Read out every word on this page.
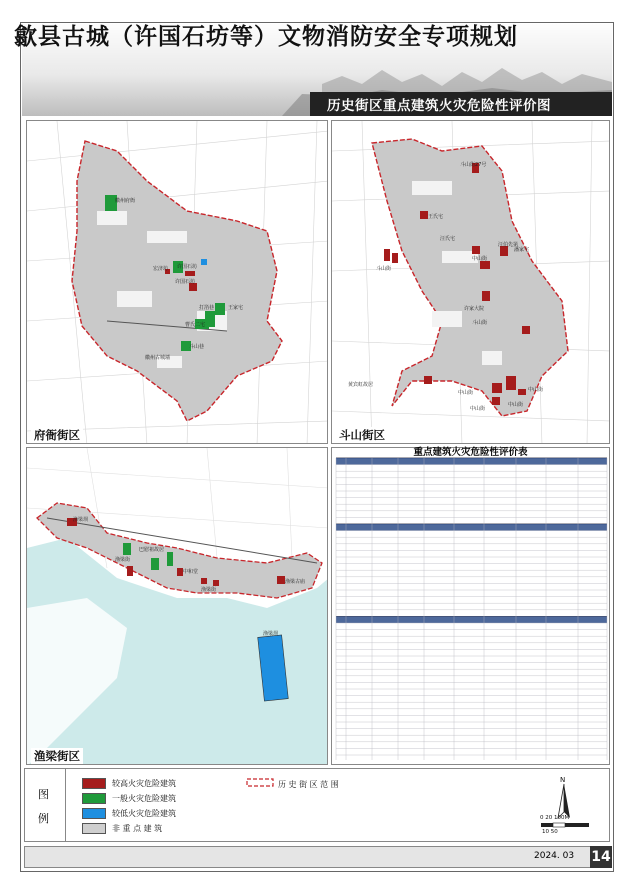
歙县古城（许国石坊等）文物消防安全专项规划
历史街区重点建筑火灾危险性评价图
徽州府衙
许国石坊
许国石坊
宏济坊
打箔巷	王家宅
曹氏二宅
斗山巷
徽州古城墙
府衙街区
斗山街27号
王氏宅
汪氏宅
斗山街
中山街
汪伯先第
潘家宅
许家大院
斗山街
黄宾虹故居
中山街	中山街
中山街
中山街
斗山街区
渔梁坝
渔梁街
巴慰祖故居
中和堂
渔梁坝
渔梁街
渔梁古庙
渔梁街区
重点建筑火灾危险性评价表
图
例
较高火灾危险建筑
一般火灾危险建筑
较低火灾危险建筑
非 重 点 建 筑
历 史 街 区 范 围	N
0 20 100M
10 50
2024. 03 14
